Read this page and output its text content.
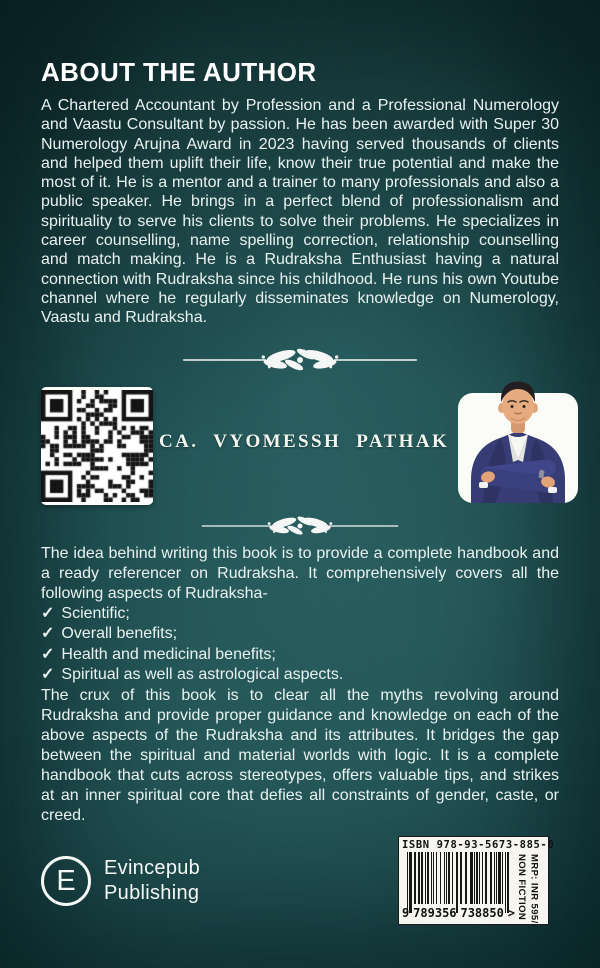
ABOUT THE AUTHOR

A Chartered Accountant by Profession and a Professional Numerology and Vaastu Consultant by passion. He has been awarded with Super 30 Numerology Arujna Award in 2023 having served thousands of clients and helped them uplift their life, know their true potential and make the most of it. He is a mentor and a trainer to many professionals and also a public speaker. He brings in a perfect blend of professionalism and spirituality to serve his clients to solve their problems. He specializes in career counselling, name spelling correction, relationship counselling and match making. He is a Rudraksha Enthusiast having a natural connection with Rudraksha since his childhood. He runs his own Youtube channel where he regularly disseminates knowledge on Numerology, Vaastu and Rudraksha.

CA. VYOMESSH PATHAK

The idea behind writing this book is to provide a complete handbook and a ready referencer on Rudraksha. It comprehensively covers all the following aspects of Rudraksha-

✓ Scientific;
✓ Overall benefits;
✓ Health and medicinal benefits;
✓ Spiritual as well as astrological aspects.

The crux of this book is to clear all the myths revolving around Rudraksha and provide proper guidance and knowledge on each of the above aspects of the Rudraksha and its attributes. It bridges the gap between the spiritual and material worlds with logic. It is a complete handbook that cuts across stereotypes, offers valuable tips, and strikes at an inner spiritual core that defies all constraints of gender, caste, or creed.

E Evincepub
Publishing
ISBN 978-93-5673-885-0
9 789356 738850 > NON FICTION MRP: INR 595/-
